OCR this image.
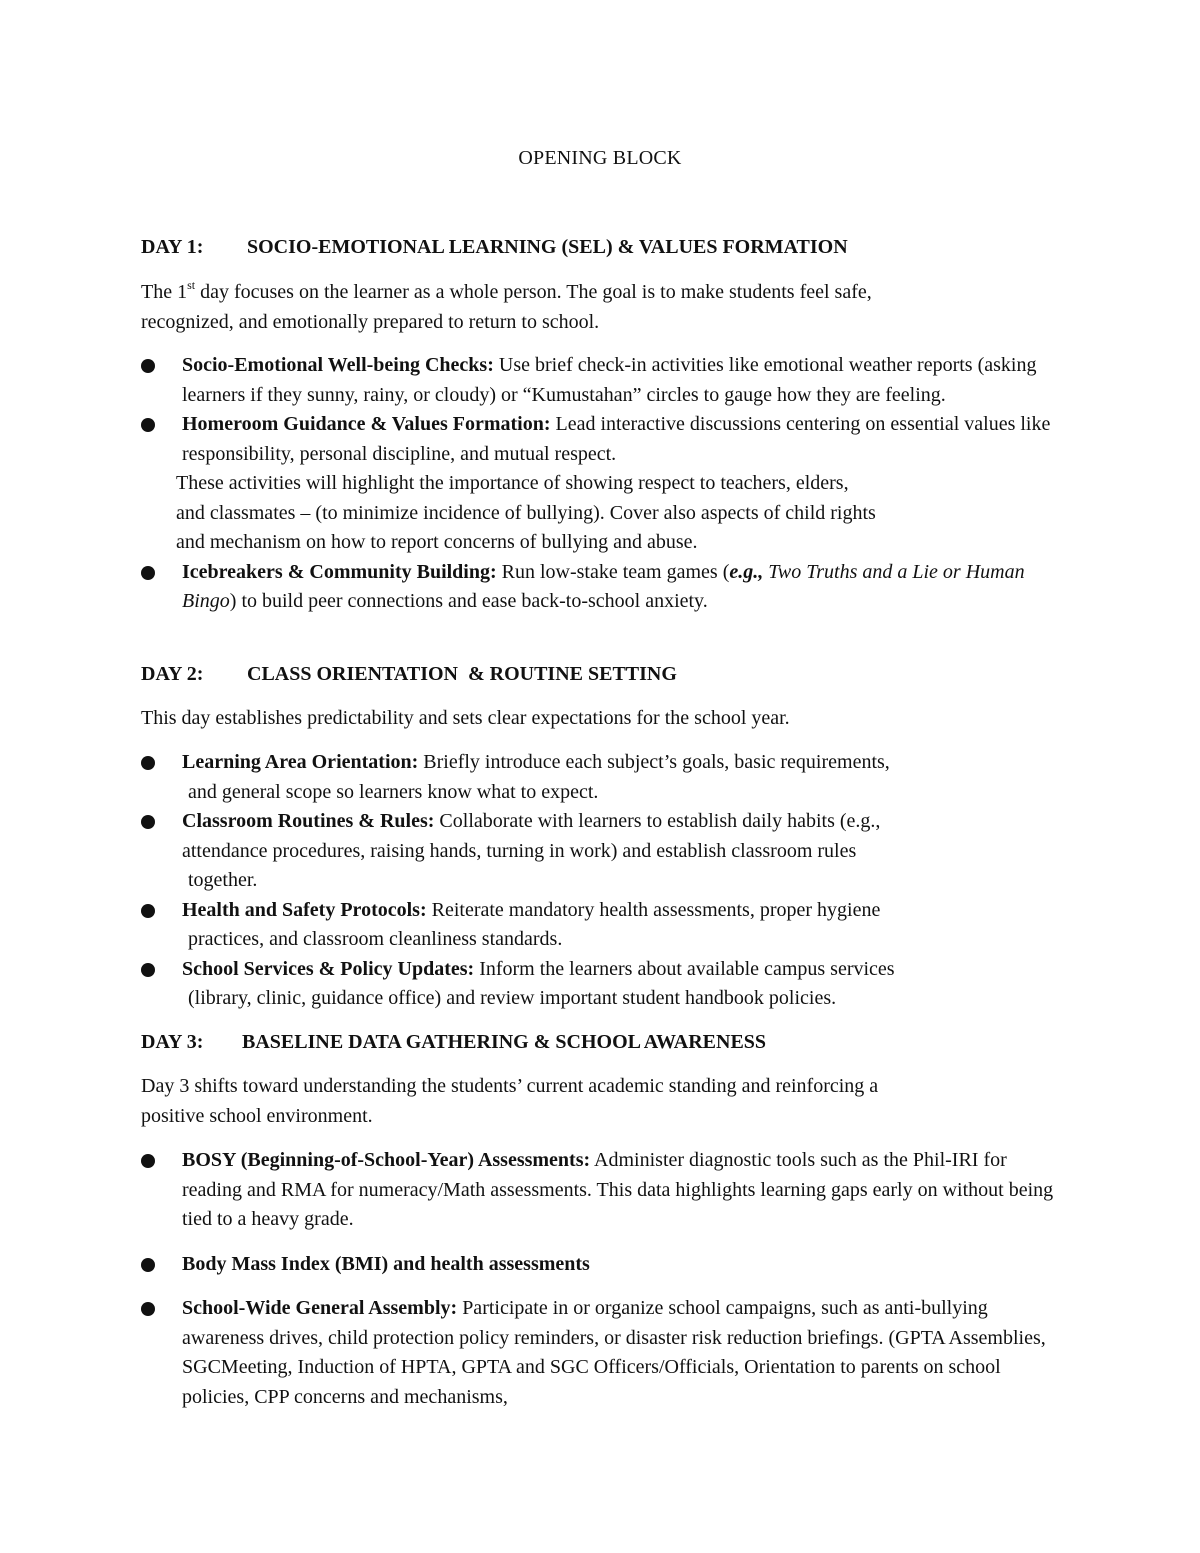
OPENING BLOCK
DAY 1: SOCIO-EMOTIONAL LEARNING (SEL) & VALUES FORMATION

The 1st day focuses on the learner as a whole person. The goal is to make students feel safe,

recognized, and emotionally prepared to return to school.

Socio-Emotional Well-being Checks: Use brief check-in activities like emotional weather reports (asking learners if they sunny, rainy, or cloudy) or “Kumustahan” circles to gauge how they are feeling.
Homeroom Guidance & Values Formation: Lead interactive discussions centering on essential values like responsibility, personal discipline, and mutual respect.
These activities will highlight the importance of showing respect to teachers, elders,
and classmates – (to minimize incidence of bullying). Cover also aspects of child rights
and mechanism on how to report concerns of bullying and abuse.
Icebreakers & Community Building: Run low-stake team games (e.g., Two Truths and a Lie or Human Bingo) to build peer connections and ease back-to-school anxiety.
DAY 2: CLASS ORIENTATION  & ROUTINE SETTING
This day establishes predictability and sets clear expectations for the school year.
Learning Area Orientation: Briefly introduce each subject’s goals, basic requirements,
and general scope so learners know what to expect.
Classroom Routines & Rules: Collaborate with learners to establish daily habits (e.g.,
attendance procedures, raising hands, turning in work) and establish classroom rules
together.
Health and Safety Protocols: Reiterate mandatory health assessments, proper hygiene
practices, and classroom cleanliness standards.
School Services & Policy Updates: Inform the learners about available campus services
(library, clinic, guidance office) and review important student handbook policies.
DAY 3: BASELINE DATA GATHERING & SCHOOL AWARENESS

Day 3 shifts toward understanding the students’ current academic standing and reinforcing a

positive school environment.

BOSY (Beginning-of-School-Year) Assessments: Administer diagnostic tools such as the Phil-IRI for reading and RMA for numeracy/Math assessments. This data highlights learning gaps early on without being tied to a heavy grade.
Body Mass Index (BMI) and health assessments
School-Wide General Assembly: Participate in or organize school campaigns, such as anti-bullying awareness drives, child protection policy reminders, or disaster risk reduction briefings. (GPTA Assemblies, SGCMeeting, Induction of HPTA, GPTA and SGC Officers/Officials, Orientation to parents on school policies, CPP concerns and mechanisms,
